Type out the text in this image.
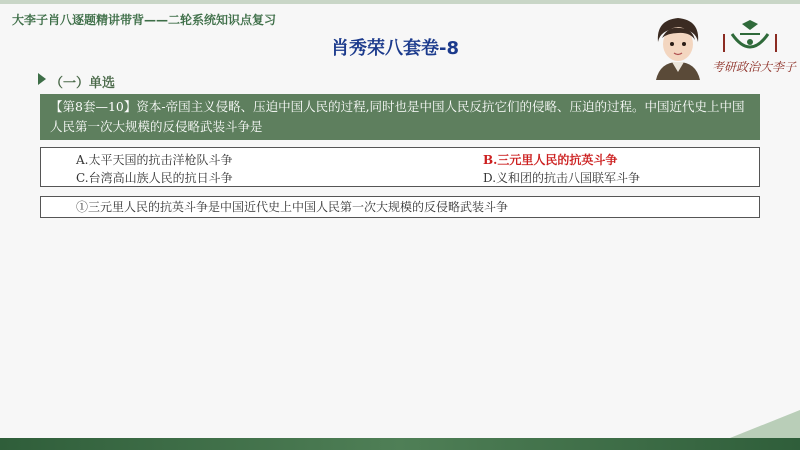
大李子肖八逐题精讲带背——二轮系统知识点复习
肖秀荣八套卷-8
考研政治大李子
（一）单选
【第8套—10】资本-帝国主义侵略、压迫中国人民的过程,同时也是中国人民反抗它们的侵略、压迫的过程。中国近代史上中国人民第一次大规模的反侵略武装斗争是
A.太平天国的抗击洋枪队斗争	B.三元里人民的抗英斗争
C.台湾高山族人民的抗日斗争	D.义和团的抗击八国联军斗争
①三元里人民的抗英斗争是中国近代史上中国人民第一次大规模的反侵略武装斗争
